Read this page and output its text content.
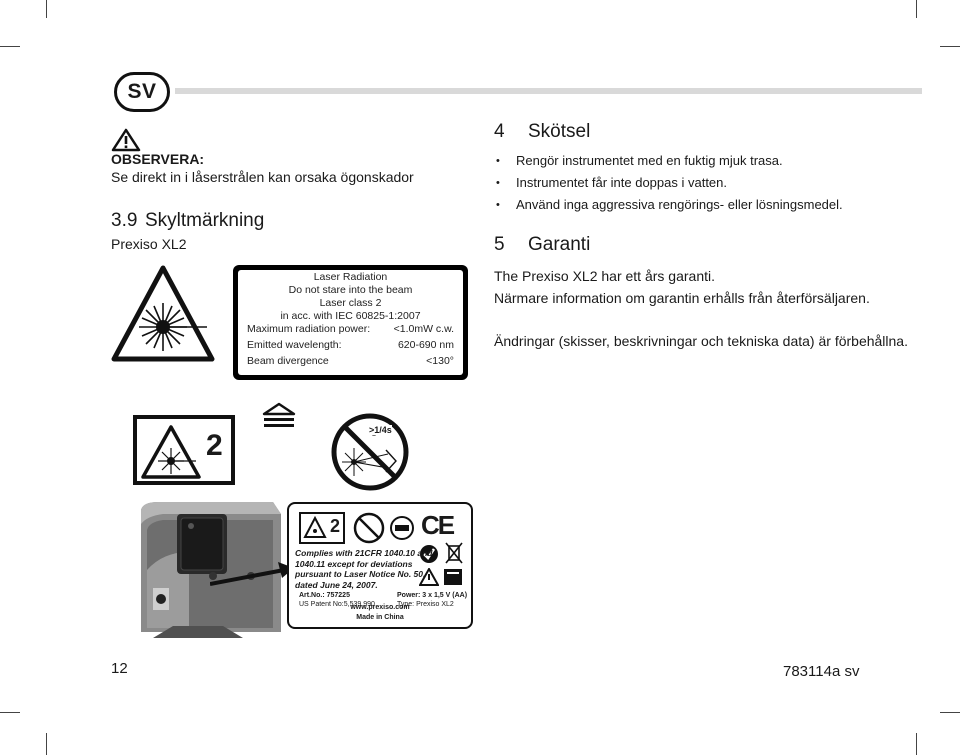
SV
OBSERVERA:
Se direkt in i låserstrålen kan orsaka ögonskador
3.9 Skyltmärkning
Prexiso XL2
Laser Radiation
Do not stare into the beam
Laser class 2
in acc. with IEC 60825-1:2007
Maximum radiation power: <1.0mW c.w.
Emitted wavelength:	620-690 nm
Beam divergence	<130°
4 Skötsel
• Rengör instrumentet med en fuktig mjuk trasa.
• Instrumentet får inte doppas i vatten.
• Använd inga aggressiva rengörings- eller lösningsmedel.
5 Garanti
The Prexiso XL2 har ett års garanti.
Närmare information om garantin erhålls från återförsäljaren.
Ändringar (skisser, beskrivningar och tekniska data) är förbehållna.
2	>1/4s
2	CE
Complies with 21CFR 1040.10 and
1040.11 except for deviations
pursuant to Laser Notice No. 50,
dated June 24, 2007.
Art.No.: 757225
US Patent No:5,539,990
Power: 3 x 1,5 V (AA)
Type: Prexiso XL2
www.prexiso.com
Made in China
12	783114a sv
